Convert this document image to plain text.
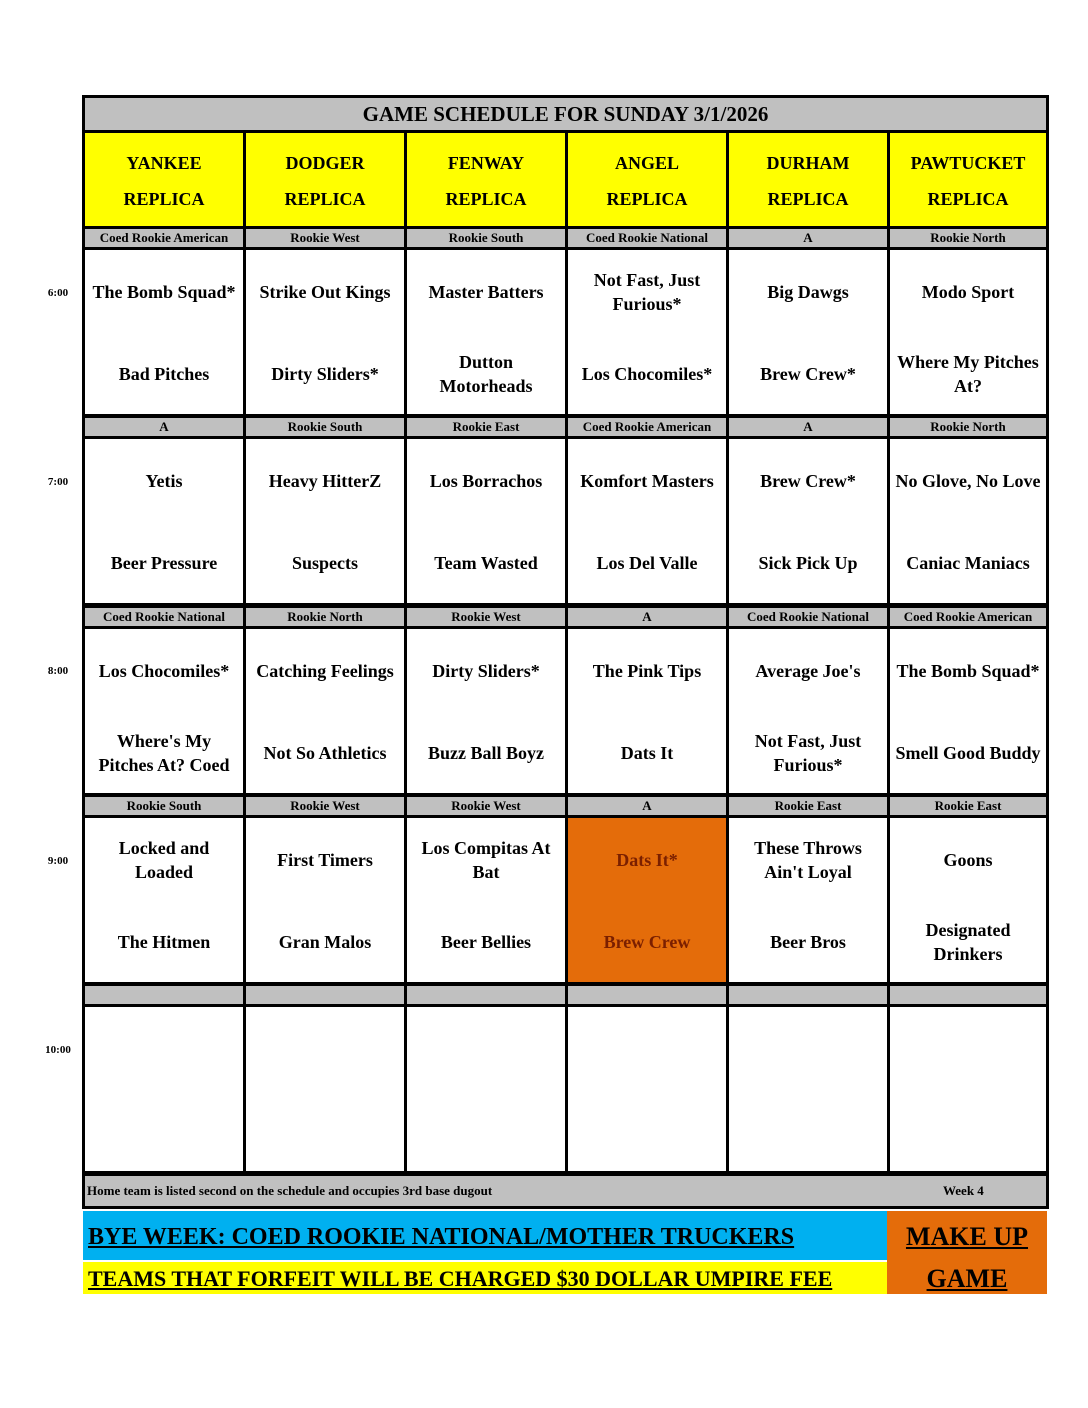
6:00
7:00
8:00
9:00
10:00
GAME SCHEDULE FOR SUNDAY 3/1/2026
YANKEE
REPLICA
DODGER
REPLICA
FENWAY
REPLICA
ANGEL
REPLICA
DURHAM
REPLICA
PAWTUCKET
REPLICA
Coed Rookie American
The Bomb Squad*
Bad Pitches
Rookie West
Strike Out Kings
Dirty Sliders*
Rookie South
Master Batters
Dutton Motorheads
Coed Rookie National
Not Fast, Just Furious*
Los Chocomiles*
A
Big Dawgs
Brew Crew*
Rookie North
Modo Sport
Where My Pitches At?
A
Yetis
Beer Pressure
Rookie South
Heavy HitterZ
Suspects
Rookie East
Los Borrachos
Team Wasted
Coed Rookie American
Komfort Masters
Los Del Valle
A
Brew Crew*
Sick Pick Up
Rookie North
No Glove, No Love
Caniac Maniacs
Coed Rookie National
Los Chocomiles*
Where's My Pitches At? Coed
Rookie North
Catching Feelings
Not So Athletics
Rookie West
Dirty Sliders*
Buzz Ball Boyz
A
The Pink Tips
Dats It
Coed Rookie National
Average Joe's
Not Fast, Just Furious*
Coed Rookie American
The Bomb Squad*
Smell Good Buddy
Rookie South
Locked and Loaded
The Hitmen
Rookie West
First Timers
Gran Malos
Rookie West
Los Compitas At Bat
Beer Bellies
A
Dats It*
Brew Crew
Rookie East
These Throws Ain't Loyal
Beer Bros
Rookie East
Goons
Designated Drinkers
Home team is listed second on the schedule and occupies 3rd base dugout	Week 4
BYE WEEK: COED ROOKIE NATIONAL/MOTHER TRUCKERS
TEAMS THAT FORFEIT WILL BE CHARGED $30 DOLLAR UMPIRE FEE
MAKE UP
GAME
